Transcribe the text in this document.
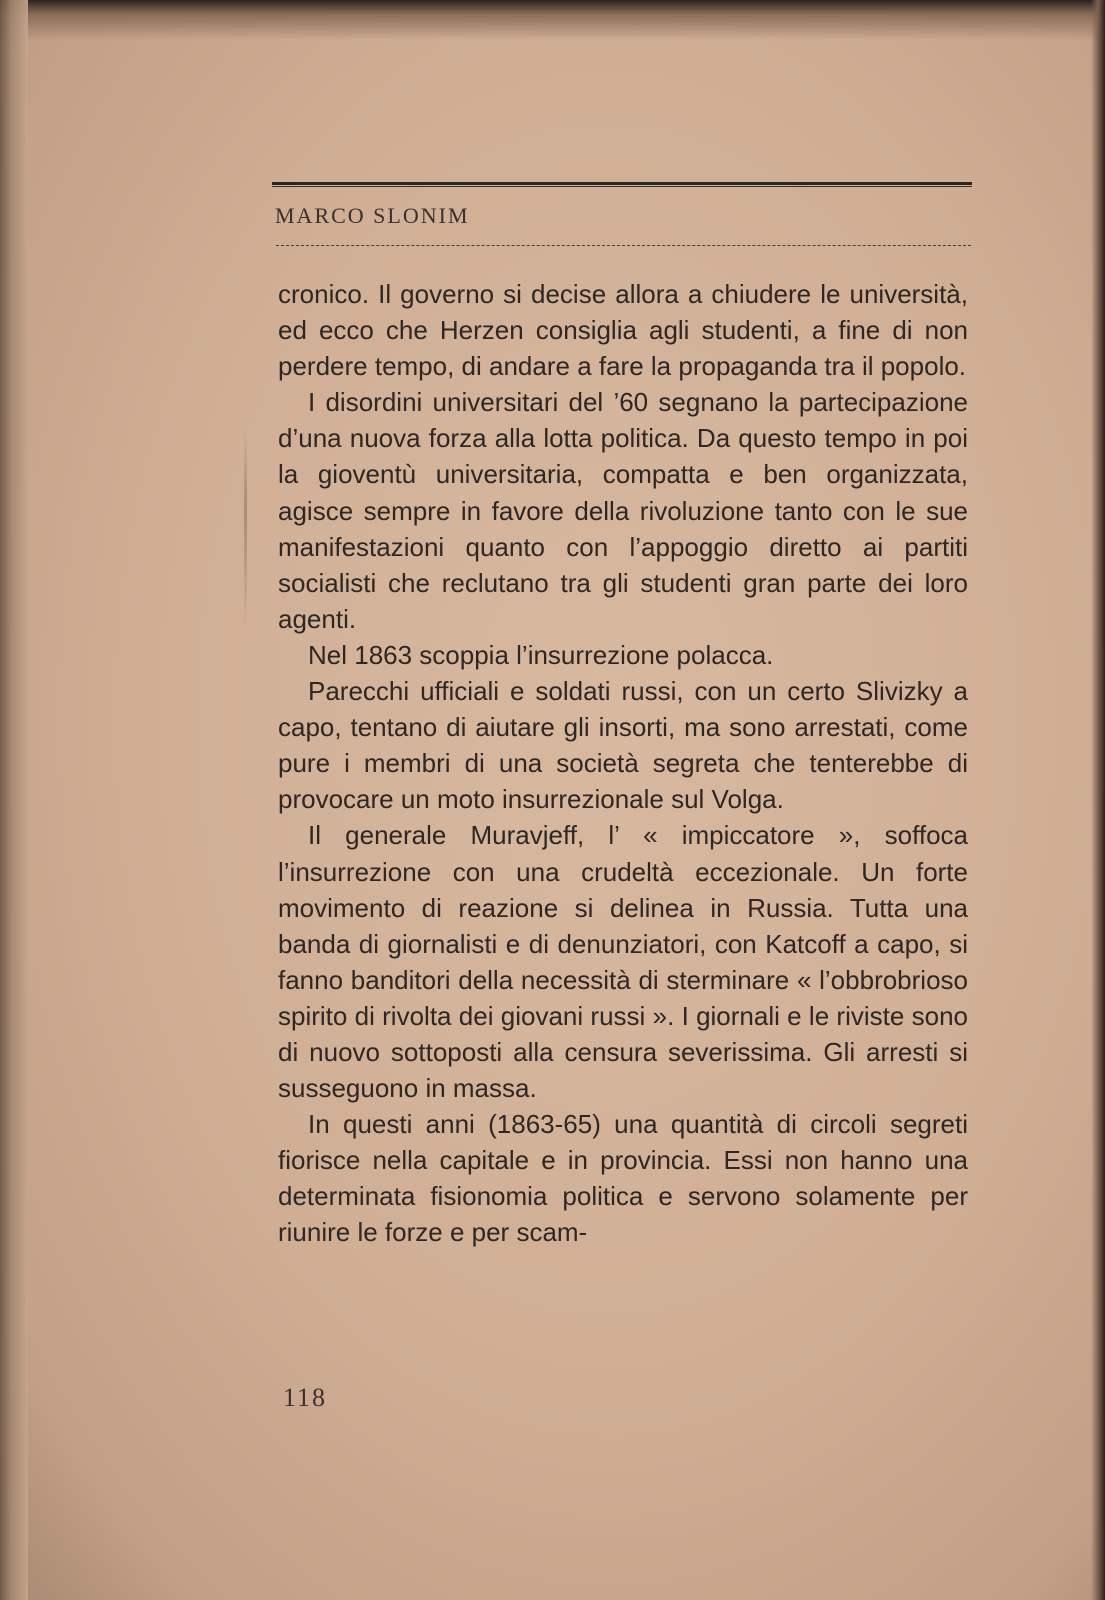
MARCO SLONIM

cronico. Il governo si decise allora a chiudere le università, ed ecco che Herzen consiglia agli studenti, a fine di non perdere tempo, di andare a fare la propaganda tra il popolo.

I disordini universitari del ’60 segnano la partecipazione d’una nuova forza alla lotta politica. Da questo tempo in poi la gioventù universitaria, compatta e ben organizzata, agisce sempre in favore della rivoluzione tanto con le sue manifestazioni quanto con l’appoggio diretto ai partiti socialisti che reclutano tra gli studenti gran parte dei loro agenti.

Nel 1863 scoppia l’insurrezione polacca.

Parecchi ufficiali e soldati russi, con un certo Slivizky a capo, tentano di aiutare gli insorti, ma sono arrestati, come pure i membri di una società segreta che tenterebbe di provocare un moto insurrezionale sul Volga.

Il generale Muravjeff, l’ « impiccatore », soffoca l’insurrezione con una crudeltà eccezionale. Un forte movimento di reazione si delinea in Russia. Tutta una banda di giornalisti e di denunziatori, con Katcoff a capo, si fanno banditori della necessità di sterminare « l’obbrobrioso spirito di rivolta dei giovani russi ». I giornali e le riviste sono di nuovo sottoposti alla censura severissima. Gli arresti si susseguono in massa.

In questi anni (1863-65) una quantità di circoli segreti fiorisce nella capitale e in provincia. Essi non hanno una determinata fisionomia politica e servono solamente per riunire le forze e per scam-

118
